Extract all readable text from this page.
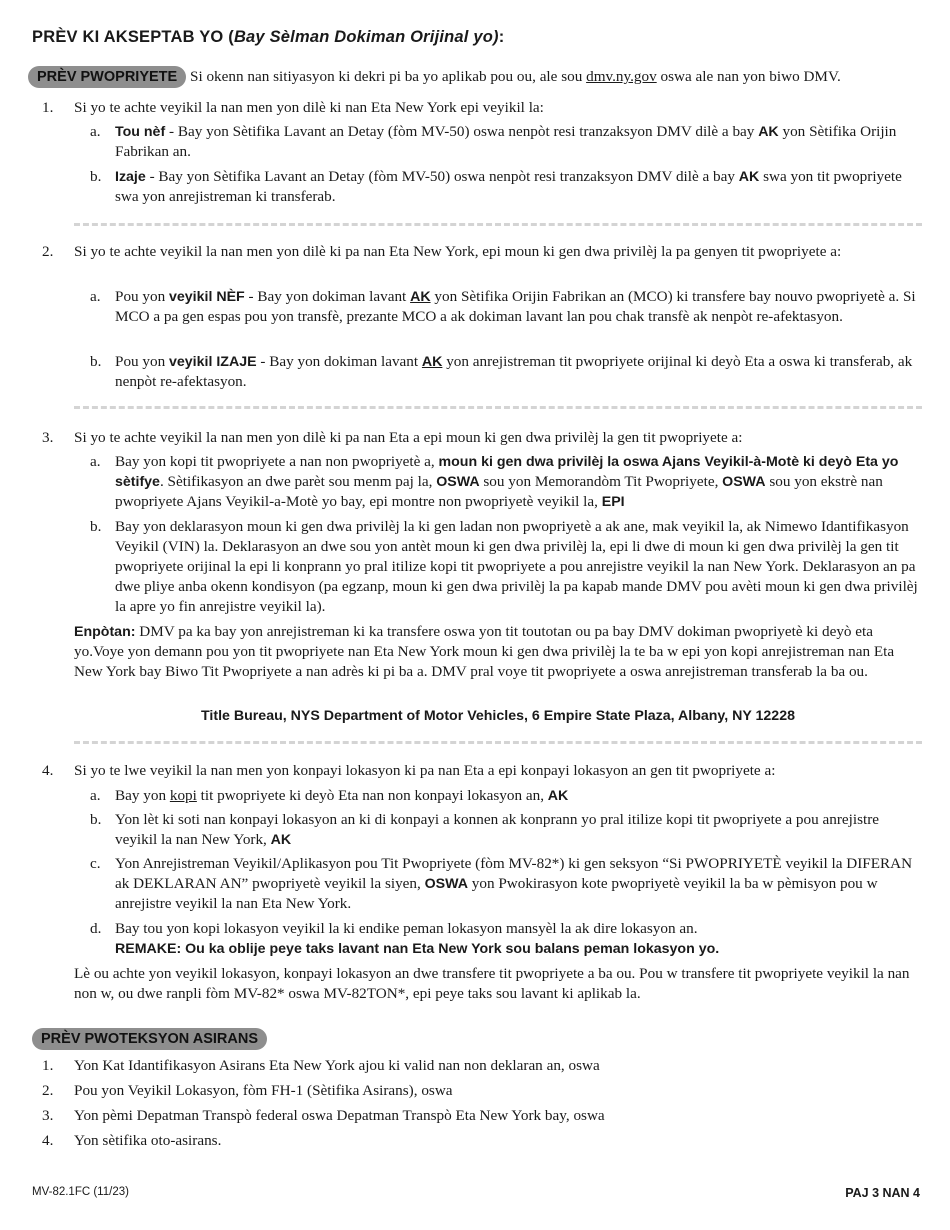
PRÈV KI AKSEPTAB YO (Bay Sèlman Dokiman Orijinal yo):
PRÈV PWOPRIYETE Si okenn nan sitiyasyon ki dekri pi ba yo aplikab pou ou, ale sou dmv.ny.gov oswa ale nan yon biwo DMV.
1. Si yo te achte veyikil la nan men yon dilè ki nan Eta New York epi veyikil la:
a. Tou nèf - Bay yon Sètifika Lavant an Detay (fòm MV-50) oswa nenpòt resi tranzaksyon DMV dilè a bay AK yon Sètifika Orijin Fabrikan an.
b. Izaje - Bay yon Sètifika Lavant an Detay (fòm MV-50) oswa nenpòt resi tranzaksyon DMV dilè a bay AK swa yon tit pwopriyete swa yon anrejistreman ki transferab.
2. Si yo te achte veyikil la nan men yon dilè ki pa nan Eta New York, epi moun ki gen dwa privilèj la pa genyen tit pwopriyete a:
a. Pou yon veyikil NÈF - Bay yon dokiman lavant AK yon Sètifika Orijin Fabrikan an (MCO) ki transfere bay nouvo pwopriyetè a. Si MCO a pa gen espas pou yon transfè, prezante MCO a ak dokiman lavant lan pou chak transfè ak nenpòt re-afektasyon.
b. Pou yon veyikil IZAJE - Bay yon dokiman lavant AK yon anrejistreman tit pwopriyete orijinal ki deyò Eta a oswa ki transferab, ak nenpòt re-afektasyon.
3. Si yo te achte veyikil la nan men yon dilè ki pa nan Eta a epi moun ki gen dwa privilèj la gen tit pwopriyete a:
a. Bay yon kopi tit pwopriyete a nan non pwopriyetè a, moun ki gen dwa privilèj la oswa Ajans Veyikil-à-Motè ki deyò Eta yo sètifye. Sètifikasyon an dwe parèt sou menm paj la, OSWA sou yon Memorandòm Tit Pwopriyete, OSWA sou yon ekstrè nan pwopriyete Ajans Veyikil-a-Motè yo bay, epi montre non pwopriyetè veyikil la, EPI
b. Bay yon deklarasyon moun ki gen dwa privilèj la ki gen ladan non pwopriyetè a ak ane, mak veyikil la, ak Nimewo Idantifikasyon Veyikil (VIN) la. Deklarasyon an dwe sou yon antèt moun ki gen dwa privilèj la, epi li dwe di moun ki gen dwa privilèj la gen tit pwopriyete orijinal la epi li konprann yo pral itilize kopi tit pwopriyete a pou anrejistre veyikil la nan New York. Deklarasyon an pa dwe pliye anba okenn kondisyon (pa egzanp, moun ki gen dwa privilèj la pa kapab mande DMV pou avèti moun ki gen dwa privilèj la apre yo fin anrejistre veyikil la).
Enpòtan: DMV pa ka bay yon anrejistreman ki ka transfere oswa yon tit toutotan ou pa bay DMV dokiman pwopriyetè ki deyò eta yo.Voye yon demann pou yon tit pwopriyete nan Eta New York moun ki gen dwa privilèj la te ba w epi yon kopi anrejistreman nan Eta New York bay Biwo Tit Pwopriyete a nan adrès ki pi ba a. DMV pral voye tit pwopriyete a oswa anrejistreman transferab la ba ou.
Title Bureau, NYS Department of Motor Vehicles, 6 Empire State Plaza, Albany, NY 12228
4. Si yo te lwe veyikil la nan men yon konpayi lokasyon ki pa nan Eta a epi konpayi lokasyon an gen tit pwopriyete a:
a. Bay yon kopi tit pwopriyete ki deyò Eta nan non konpayi lokasyon an, AK
b. Yon lèt ki soti nan konpayi lokasyon an ki di konpayi a konnen ak konprann yo pral itilize kopi tit pwopriyete a pou anrejistre veyikil la nan New York, AK
c. Yon Anrejistreman Veyikil/Aplikasyon pou Tit Pwopriyete (fòm MV-82*) ki gen seksyon “Si PWOPRIYETÈ veyikil la DIFERAN ak DEKLARAN AN” pwopriyetè veyikil la siyen, OSWA yon Pwokirasyon kote pwopriyetè veyikil la ba w pèmisyon pou w anrejistre veyikil la nan Eta New York.
d. Bay tou yon kopi lokasyon veyikil la ki endike peman lokasyon mansyèl la ak dire lokasyon an.
REMAKE: Ou ka oblije peye taks lavant nan Eta New York sou balans peman lokasyon yo.
Lè ou achte yon veyikil lokasyon, konpayi lokasyon an dwe transfere tit pwopriyete a ba ou. Pou w transfere tit pwopriyete veyikil la nan non w, ou dwe ranpli fòm MV-82* oswa MV-82TON*, epi peye taks sou lavant ki aplikab la.
PRÈV PWOTEKSYON ASIRANS
1. Yon Kat Idantifikasyon Asirans Eta New York ajou ki valid nan non deklaran an, oswa
2. Pou yon Veyikil Lokasyon, fòm FH-1 (Sètifika Asirans), oswa
3. Yon pèmi Depatman Transpò federal oswa Depatman Transpò Eta New York bay, oswa
4. Yon sètifika oto-asirans.
MV-82.1FC (11/23)	PAJ 3 NAN 4
